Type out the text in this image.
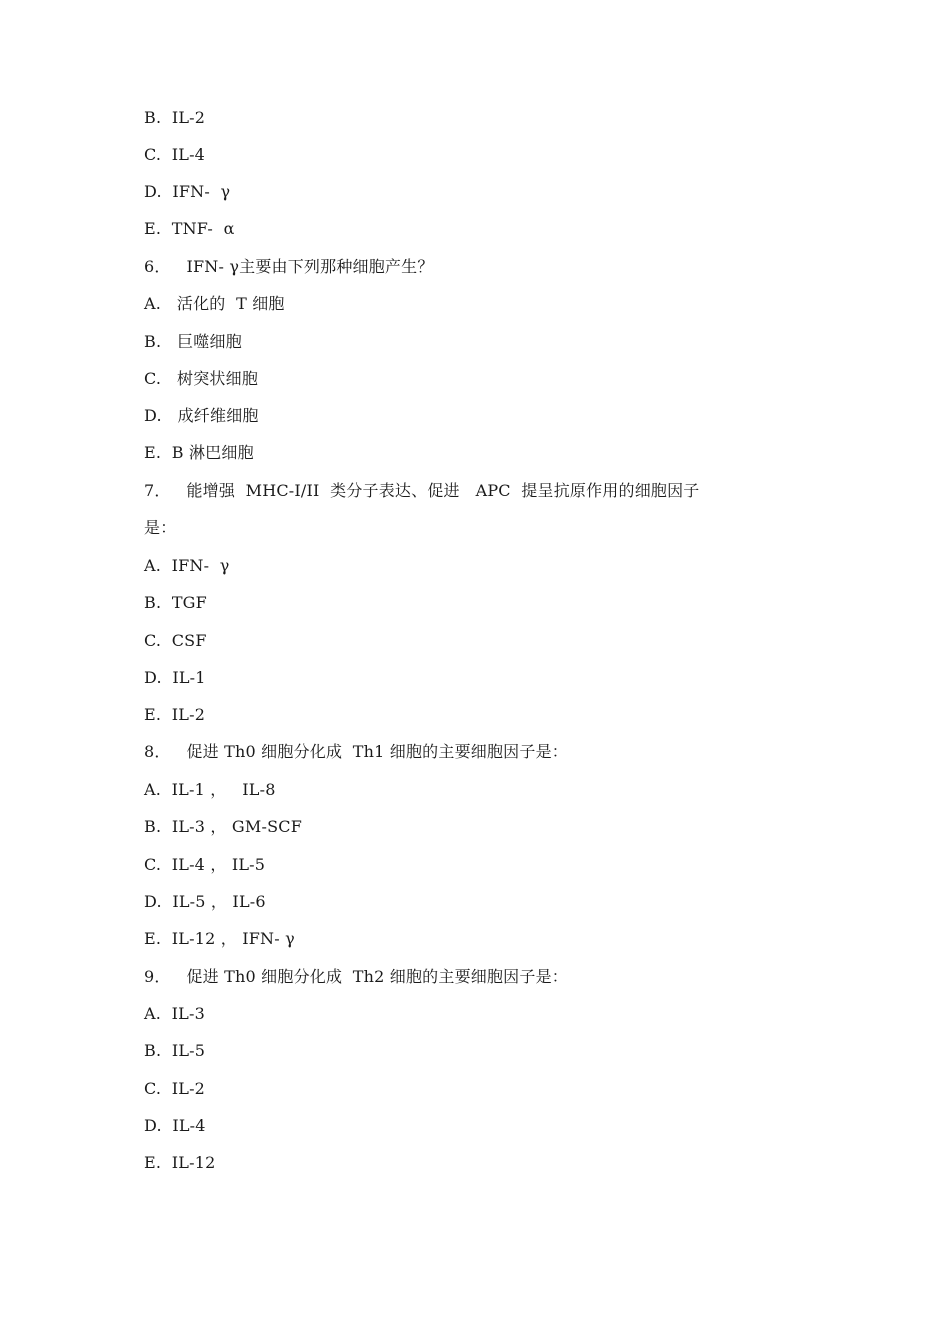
B.  IL-2
C.  IL-4
D.  IFN-  γ
E.  TNF-  α
6．   IFN- γ主要由下列那种细胞产生？
A.   活化的  T 细胞
B.   巨噬细胞
C.   树突状细胞
D.   成纤维细胞
E.  B 淋巴细胞
7．   能增强  MHC-I/II  类分子表达、促进   APC  提呈抗原作用的细胞因子
是：
A.  IFN-  γ
B.  TGF
C.  CSF
D.  IL-1
E.  IL-2
8．   促进 Th0 细胞分化成  Th1 细胞的主要细胞因子是：
A.  IL-1 ，   IL-8
B.  IL-3 ， GM-SCF
C.  IL-4 ， IL-5
D.  IL-5 ， IL-6
E.  IL-12 ， IFN- γ
9．   促进 Th0 细胞分化成  Th2 细胞的主要细胞因子是：
A.  IL-3
B.  IL-5
C.  IL-2
D.  IL-4
E.  IL-12
